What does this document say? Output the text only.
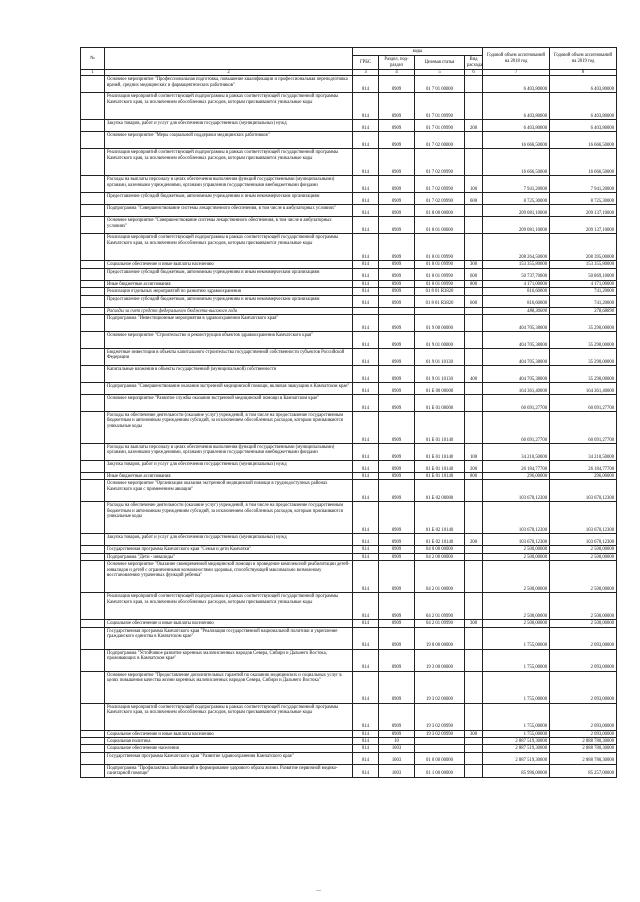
№		коды				Годовой объем ассигнований на 2018 год	Годовой объем ассигнований на 2019 год
		ГРБС	Раздел, под-раздел	Целевая статья	Вид расхода		
1	2	3	4	5	6	7	8
	Основное мероприятие "Профессиональная подготовка, повышение квалификации и профессиональная переподготовка врачей, средних медицинских и фармацевтических работников"	814	0909	01 7 01 00000		6 403,80000	6 403,80000
	Реализация мероприятий соответствующей подпрограммы в рамках соответствующей государственной программы Камчатского края, за исключением обособленных расходов, которым присваиваются уникальные коды	814	0909	01 7 01 09990		6 403,80000	6 403,80000
	Закупка товаров, работ и услуг для обеспечения государственных (муниципальных) нужд	814	0909	01 7 01 09990	200	6 403,80000	6 403,80000
	Основное мероприятие "Меры социальной поддержки медицинских работников"	814	0909	01 7 02 00000		16 666,50000	16 666,50000
	Реализация мероприятий соответствующей подпрограммы в рамках соответствующей государственной программы Камчатского края, за исключением обособленных расходов, которым присваиваются уникальные коды	814	0909	01 7 02 09990		16 666,50000	16 666,50000
	Расходы на выплаты персоналу в целях обеспечения выполнения функций государственными (муниципальными) органами, казенными учреждениями, органами управления государственными внебюджетными фондами	814	0909	01 7 02 09990	100	7 941,20000	7 941,20000
	Предоставление субсидий бюджетным, автономным учреждениям и иным некоммерческим организациям	814	0909	01 7 02 09990	600	8 725,30000	8 725,30000
	Подпрограмма "Совершенствование системы лекарственного обеспечения, в том числе в амбулаторных условиях"	814	0909	01 8 00 00000		209 081,10000	209 137,10000
	Основное мероприятие "Совершенствование системы лекарственного обеспечения, в том числе в амбулаторных условиях"	814	0909	01 8 01 00000		209 081,10000	209 137,10000
	Реализация мероприятий соответствующей подпрограммы в рамках соответствующей государственной программы Камчатского края, за исключением обособленных расходов, которым присваиваются уникальные коды	814	0909	01 8 01 09990		208 264,50000	208 395,00000
	Социальное обеспечение и иные выплаты населению	814	0909	01 8 01 09990	300	153 355,80000	153 355,80000
	Предоставление субсидий бюджетным, автономным учреждениям и иным некоммерческим организациям	814	0909	01 8 01 09990	600	50 737,70000	50 869,10000
	Иные бюджетные ассигнования	814	0909	01 8 01 09990	800	4 171,00000	4 171,00000
	Реализация отдельных мероприятий по развитию здравоохранения	814	0909	01 8 01 R3820		816,60000	741,20000
	Предоставление субсидий бюджетным, автономным учреждениям и иным некоммерческим организациям	814	0909	01 8 01 R3820	600	816,60000	741,20000
	Расходы за счет средств федерального бюджета-высокого года					488,30000	378,68890
	Подпрограмма "Инвестиционные мероприятия в здравоохранении Камчатского края"	814	0909	01 9 00 00000		404 705,38000	35 290,00000
	Основное мероприятие "Строительство и реконструкция объектов здравоохранения Камчатского края"	814	0909	01 9 01 00000		404 705,38000	35 290,00000
	Бюджетные инвестиции в объекты капитального строительства государственной собственности субъектов Российской Федерации	814	0909	01 9 01 10130		404 705,38000	35 290,00000
	Капитальные вложения в объекты государственной (муниципальной) собственности	814	0909	01 9 01 10130	400	404 705,38000	35 290,00000
	Подпрограмма "Совершенствование оказания экстренной медицинской помощи, включая эвакуацию в Камчатском крае"	814	0909	01 Б 00 00000		164 361,40000	164 361,40000
	Основное мероприятие "Развитие службы оказания экстренной медицинской помощи в Камчатском крае"	814	0909	01 Б 01 00000		60 691,27700	60 691,27700
	Расходы на обеспечение деятельности (оказание услуг) учреждений, в том числе на предоставление государственным бюджетным и автономным учреждениям субсидий, за исключением обособленных расходов, которым присваиваются уникальные коды	814	0909	01 Б 01 10140		60 691,27700	60 691,27700
	Расходы на выплаты персоналу в целях обеспечения выполнения функций государственными (муниципальными) органами, казенными учреждениями, органами управления государственными внебюджетными фондами	814	0909	01 Б 01 10140	100	34 210,50000	34 210,50000
	Закупка товаров, работ и услуг для обеспечения государственных (муниципальных) нужд	814	0909	01 Б 01 10140	200	26 184,77700	26 184,77700
	Иные бюджетные ассигнования	814	0909	01 Б 01 10140	800	296,00000	296,00000
	Основное мероприятие "Организация оказания экстренной медицинской помощи в труднодоступных районах Камчатского края с применением авиации"	814	0909	01 Б 02 00000		103 670,12300	103 670,12300
	Расходы на обеспечение деятельности (оказание услуг) учреждений, в том числе на предоставление государственным бюджетным и автономным учреждениям субсидий, за исключением обособленных расходов, которым присваиваются уникальные коды	814	0909	01 Б 02 10140		103 670,12300	103 670,12300
	Закупка товаров, работ и услуг для обеспечения государственных (муниципальных) нужд	814	0909	01 Б 02 10140	200	103 670,12300	103 670,12300
	Государственная программа Камчатского края "Семья и дети Камчатки"	814	0909	04 0 00 00000		2 500,00000	2 500,00000
	Подпрограмма "Дети - инвалиды"	814	0909	04 2 00 00000		2 500,00000	2 500,00000
	Основное мероприятие "Оказание своевременной медицинской помощи и проведение комплексной реабилитации детей-инвалидов и детей с ограниченными возможностями здоровья, способствующей максимально возможному восстановлению утраченных функций ребенка"	814	0909	04 2 01 00000		2 500,00000	2 500,00000
	Реализация мероприятий соответствующей подпрограммы в рамках соответствующей государственной программы Камчатского края, за исключением обособленных расходов, которым присваиваются уникальные коды	814	0909	04 2 01 09990		2 500,00000	2 500,00000
	Социальное обеспечение и иные выплаты населению	814	0909	04 2 01 09990	300	2 500,00000	2 500,00000
	Государственная программа Камчатского края "Реализация государственной национальной политики и укрепление гражданского единства в Камчатском крае"	814	0909	19 0 00 00000		1 755,00000	2 093,00000
	Подпрограмма "Устойчивое развитие коренных малочисленных народов Севера, Сибири и Дальнего Востока, проживающих в Камчатском крае"	814	0909	19 3 00 00000		1 755,00000	2 093,00000
	Основное мероприятие "Предоставление дополнительных гарантий по оказанию медицинских и социальных услуг в целях повышения качества жизни коренных малочисленных народов Севера, Сибири и Дальнего Востока"	814	0909	19 3 02 00000		1 755,00000	2 093,00000
	Реализация мероприятий соответствующей подпрограммы в рамках соответствующей государственной программы Камчатского края, за исключением обособленных расходов, которым присваиваются уникальные коды	814	0909	19 3 02 09990		1 755,00000	2 093,00000
	Социальное обеспечение и иные выплаты населению	814	0909	19 3 02 09990	300	1 755,00000	2 093,00000
	Социальная политика	814	10			2 887 519,30000	2 888 780,30000
	Социальное обеспечение населения	814	1003			2 887 519,30000	2 888 780,30000
	Государственная программа Камчатского края "Развитие здравоохранения Камчатского края"	814	1003	01 0 00 00000		2 887 519,30000	2 888 780,30000
	Подпрограмма "Профилактика заболеваний и формирование здорового образа жизни. Развитие первичной медико-санитарной помощи"	814	1003	01 1 00 00000		85 996,00000	85 257,00000
—
